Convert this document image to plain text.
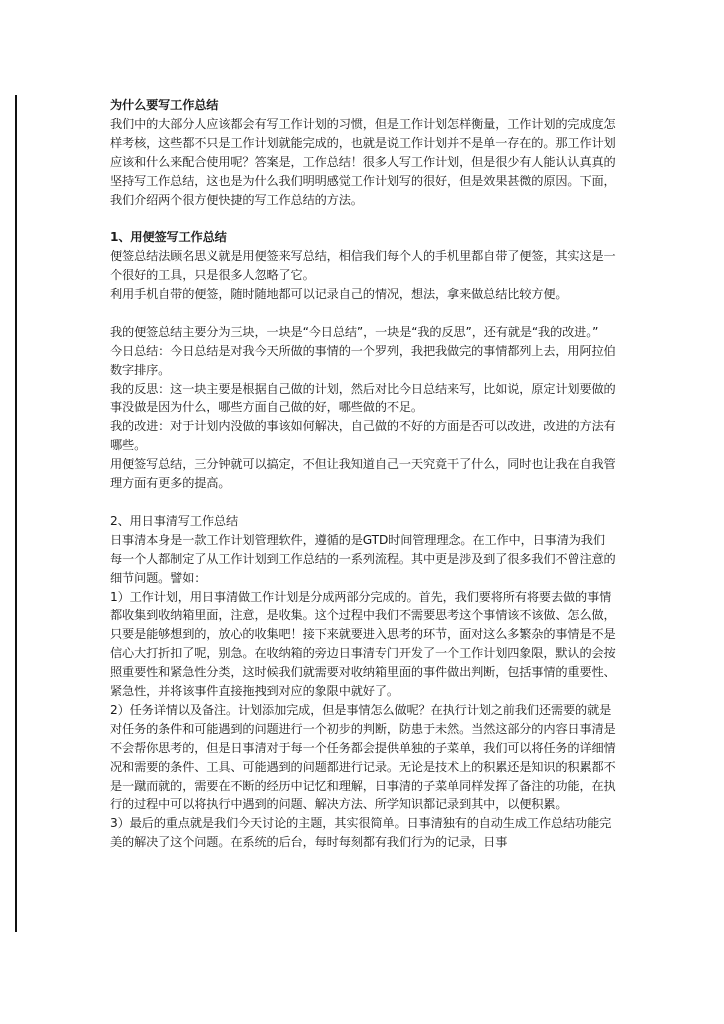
为什么要写工作总结

我们中的大部分人应该都会有写工作计划的习惯，但是工作计划怎样衡量，工作计划的完成度怎样考核，这些都不只是工作计划就能完成的，也就是说工作计划并不是单一存在的。那工作计划应该和什么来配合使用呢？答案是，工作总结！很多人写工作计划，但是很少有人能认认真真的坚持写工作总结，这也是为什么我们明明感觉工作计划写的很好，但是效果甚微的原因。下面，我们介绍两个很方便快捷的写工作总结的方法。

1、用便签写工作总结

便签总结法顾名思义就是用便签来写总结，相信我们每个人的手机里都自带了便签，其实这是一个很好的工具，只是很多人忽略了它。

利用手机自带的便签，随时随地都可以记录自己的情况，想法，拿来做总结比较方便。

我的便签总结主要分为三块，一块是“今日总结”，一块是“我的反思”，还有就是“我的改进。”

今日总结：今日总结是对我今天所做的事情的一个罗列，我把我做完的事情都列上去，用阿拉伯数字排序。

我的反思：这一块主要是根据自己做的计划，然后对比今日总结来写，比如说，原定计划要做的事没做是因为什么，哪些方面自己做的好，哪些做的不足。

我的改进：对于计划内没做的事该如何解决，自己做的不好的方面是否可以改进，改进的方法有哪些。

用便签写总结，三分钟就可以搞定，不但让我知道自己一天究竟干了什么，同时也让我在自我管理方面有更多的提高。

2、用日事清写工作总结

日事清本身是一款工作计划管理软件，遵循的是GTD时间管理理念。在工作中，日事清为我们每一个人都制定了从工作计划到工作总结的一系列流程。其中更是涉及到了很多我们不曾注意的细节问题。譬如：

1）工作计划，用日事清做工作计划是分成两部分完成的。首先，我们要将所有将要去做的事情都收集到收纳箱里面，注意，是收集。这个过程中我们不需要思考这个事情该不该做、怎么做，只要是能够想到的，放心的收集吧！接下来就要进入思考的环节，面对这么多繁杂的事情是不是信心大打折扣了呢，别急。在收纳箱的旁边日事清专门开发了一个工作计划四象限，默认的会按照重要性和紧急性分类，这时候我们就需要对收纳箱里面的事件做出判断，包括事情的重要性、紧急性，并将该事件直接拖拽到对应的象限中就好了。

2）任务详情以及备注。计划添加完成，但是事情怎么做呢？在执行计划之前我们还需要的就是对任务的条件和可能遇到的问题进行一个初步的判断，防患于未然。当然这部分的内容日事清是不会帮你思考的，但是日事清对于每一个任务都会提供单独的子菜单，我们可以将任务的详细情况和需要的条件、工具、可能遇到的问题都进行记录。无论是技术上的积累还是知识的积累都不是一蹴而就的，需要在不断的经历中记忆和理解，日事清的子菜单同样发挥了备注的功能，在执行的过程中可以将执行中遇到的问题、解决方法、所学知识都记录到其中，以便积累。

3）最后的重点就是我们今天讨论的主题，其实很简单。日事清独有的自动生成工作总结功能完美的解决了这个问题。在系统的后台，每时每刻都有我们行为的记录，日事
